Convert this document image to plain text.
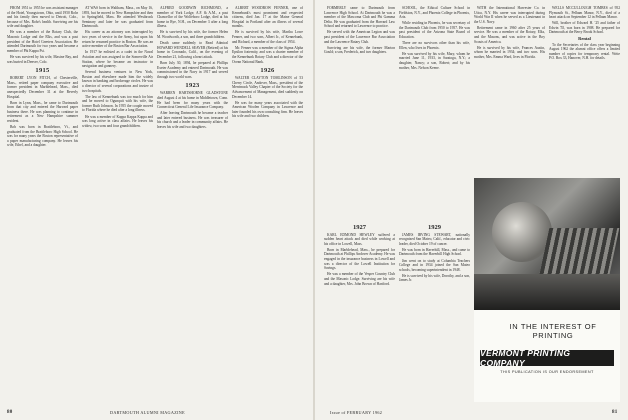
FROM 1951 to 1955 he was assistant manager of the Hotel, Youngstown, Ohio, until 1950 Rohr and his family then moved to Detroit, Colo., because of Mrs. Rohr's health. Surviving are his wife and daughter.

He was a member of the Rotary Club, the Masonic Lodge and the Elks, and was a past president of the Hotel Greeters Association. He attended Dartmouth for two years and became a member of Phi Kappa Psi.

He was survived by his wife, Maxine Bay, and was buried in Denver, Colo.

1915

ROBERT LYON FITCH, of Chesterville, Mass., retired paper company executive and former president in Marblehead, Mass., died unexpectedly December 31 at the Beverly Hospital.

Born in Lynn, Mass., he came to Dartmouth from that city and entered the Harvard paper business there. He was planning to continue in retirement as a New Hampshire summer resident.

Bob was born in Brattleboro, Vt., and graduated from the Brattleboro High School. He was for many years the Boston representative of a paper manufacturing company. He leaves his wife, Ethel, and a daughter.

AT WAS born in Waltham, Mass., on May 16, 1893, but he moved to New Hampshire and then to Springfield, Mass. He attended Westbrook Seminary and later he was graduated from Dartmouth.

His career as an attorney was interrupted by two years of service in the Army, but upon his return he resumed practice in Boston. He was an active member of the Boston Bar Association.

In 1917 he enlisted as a cadet in the Naval Aviation and was assigned to the Somerville Air Station, where he became an instructor in navigation and gunnery.

Several business ventures in New York, Boston and elsewhere made him the widely known in banking and brokerage circles. He was a director of several corporations and trustee of two hospitals.

The law of Kennebunk was too much for him and he moved to Ogunquit with his wife, the former Ruth Johnson. In 1955 the couple moved to Florida where he died after a long illness.

He was a member of Kappa Kappa Kappa and was long active in class affairs. He leaves his widow, two sons and four grandchildren.

ALFRED GOODWIN RICHMOND, a member of York Lodge, A.F. & A.M., a past Chancellor of the Wolfeboro Lodge, died at his home in Rye, N.H., on December 3 after a long illness.

He is survived by his wife, the former Helen M. Woodworth, a son, and three grandchildren.

Death came suddenly to Read Admiral HOWARD WENDELL SEAVER (Retired) at his home in Coronado, Calif., on the evening of December 21, following a heart attack.

Born July 30, 1894, he prepared at Phillips Exeter Academy and entered Dartmouth. He was commissioned in the Navy in 1917 and served through two world wars.

1923

WARREN HARTSHORNE GLADSTONE died August 4 at his home in Middletown, Conn. He had been for many years with the Connecticut General Life Insurance Company.

After leaving Dartmouth he became a teacher and later entered business. He was treasurer of his church and a leader in community affairs. He leaves his wife and two daughters.

ALBERT WOODROW FENNER, one of Kennebunk's most prominent and respected citizens, died Jan. 17 at the Maine General Hospital in Portland after an illness of several months.

He is survived by his wife, Martha Lowe Fenner, and two sons, Albert Jr., of Kennebunk, and Richard, a member of the class of 1954.

Mr. Fenner was a member of the Sigma Alpha Epsilon fraternity, and was a charter member of the Kennebunk Rotary Club and a director of the Ocean National Bank.

1926

WALTER CLAYTON TOMLINSON of 53 Cherry Circle, Andover, Mass., president of the Merrimack Valley Chapter of the Society for the Advancement of Management, died suddenly on December 14.

He was for many years associated with the American Woolen Company in Lawrence and later founded his own consulting firm. He leaves his wife and two children.

80	DARTMOUTH ALUMNI MAGAZINE

FORMERLY came to Dartmouth from Lawrence High School. At Dartmouth he was a member of the Mascoma Club and Phi Gamma Delta. He was graduated from the Harvard Law School and returned to Lawrence to practice.

He served with the American Legion and was past president of the Lawrence Bar Association and the Lawrence Rotary Club.

Surviving are his wife, the former Marion Gould; a son, Frederick, and two daughters.

1927

KARL EDMOND HEWLEY suffered a sudden heart attack and died while working at his office in Lowell, Mass.

Born in Marblehead, Mass., he prepared for Dartmouth at Phillips Andover Academy. He was engaged in the insurance business in Lowell and was a director of the Lowell Institution for Savings.

He was a member of the Vesper Country Club and the Masonic Lodge. Surviving are his wife and a daughter, Mrs. John Brown of Hartford.

SCHOOL, the Ethical Culture School in Fieldston, N.Y., and Phoenix College in Phoenix, Ariz.

While residing in Phoenix, he was secretary of the Dartmouth Club from 1950 to 1957. He was past president of the Arizona State Board of Education.

There are no survivors other than his wife, Ellen, who lives in Phoenix.

He was survived by his wife, Mary, whom he married June 11, 1933, in Saratoga, N.Y.; a daughter, Nancy; a son, Robert; and by his mother, Mrs. Nelson Keene.

1929

JAMES IRVING STEWART, nationally recognized San Mateo, Calif., educator and civic leader, died October 19 of cancer.

He was born in Haverhill, Mass., and came to Dartmouth from the Haverhill High School.

Jim went on to study at Columbia Teachers College and in 1934 joined the San Mateo schools, becoming superintendent in 1948.

He is survived by his wife, Dorothy, and a son, James Jr.

WITH the International Harvester Co. in Utica, N.Y. His career was interrupted during World War II when he served as a Lieutenant in the U.S. Navy.

Retirement came in 1960 after 25 years of service. He was a member of the Rotary, Elks, and the Masons, and was active in the Boy Scouts of America.

He is survived by his wife, Frances Austin, whom he married in 1934; and two sons. His mother, Mrs. Emma Ward, lives in Florida.

WELLS MCCULLOUGH TOMBES of 952 Plymouth St., Pelham Manor, N.Y., died of a heart attack on September 12 in Pelham Manor.

Will, brother of Edward H. '25 and father of Edwin '55, was born in 1908. He prepared for Dartmouth at the Berry Brook School.

Rental

To the Secretaries of the class year beginning August 1962 the alumni office offers a limited number of copies for temporary rental. Write P.O. Box 33, Hanover, N.H. for details.

IN THE INTEREST OF PRINTING
VERMONT PRINTING COMPANY
THIS PUBLICATION IS OUR ENDORSEMENT
Issue of FEBRUARY 1962	81
